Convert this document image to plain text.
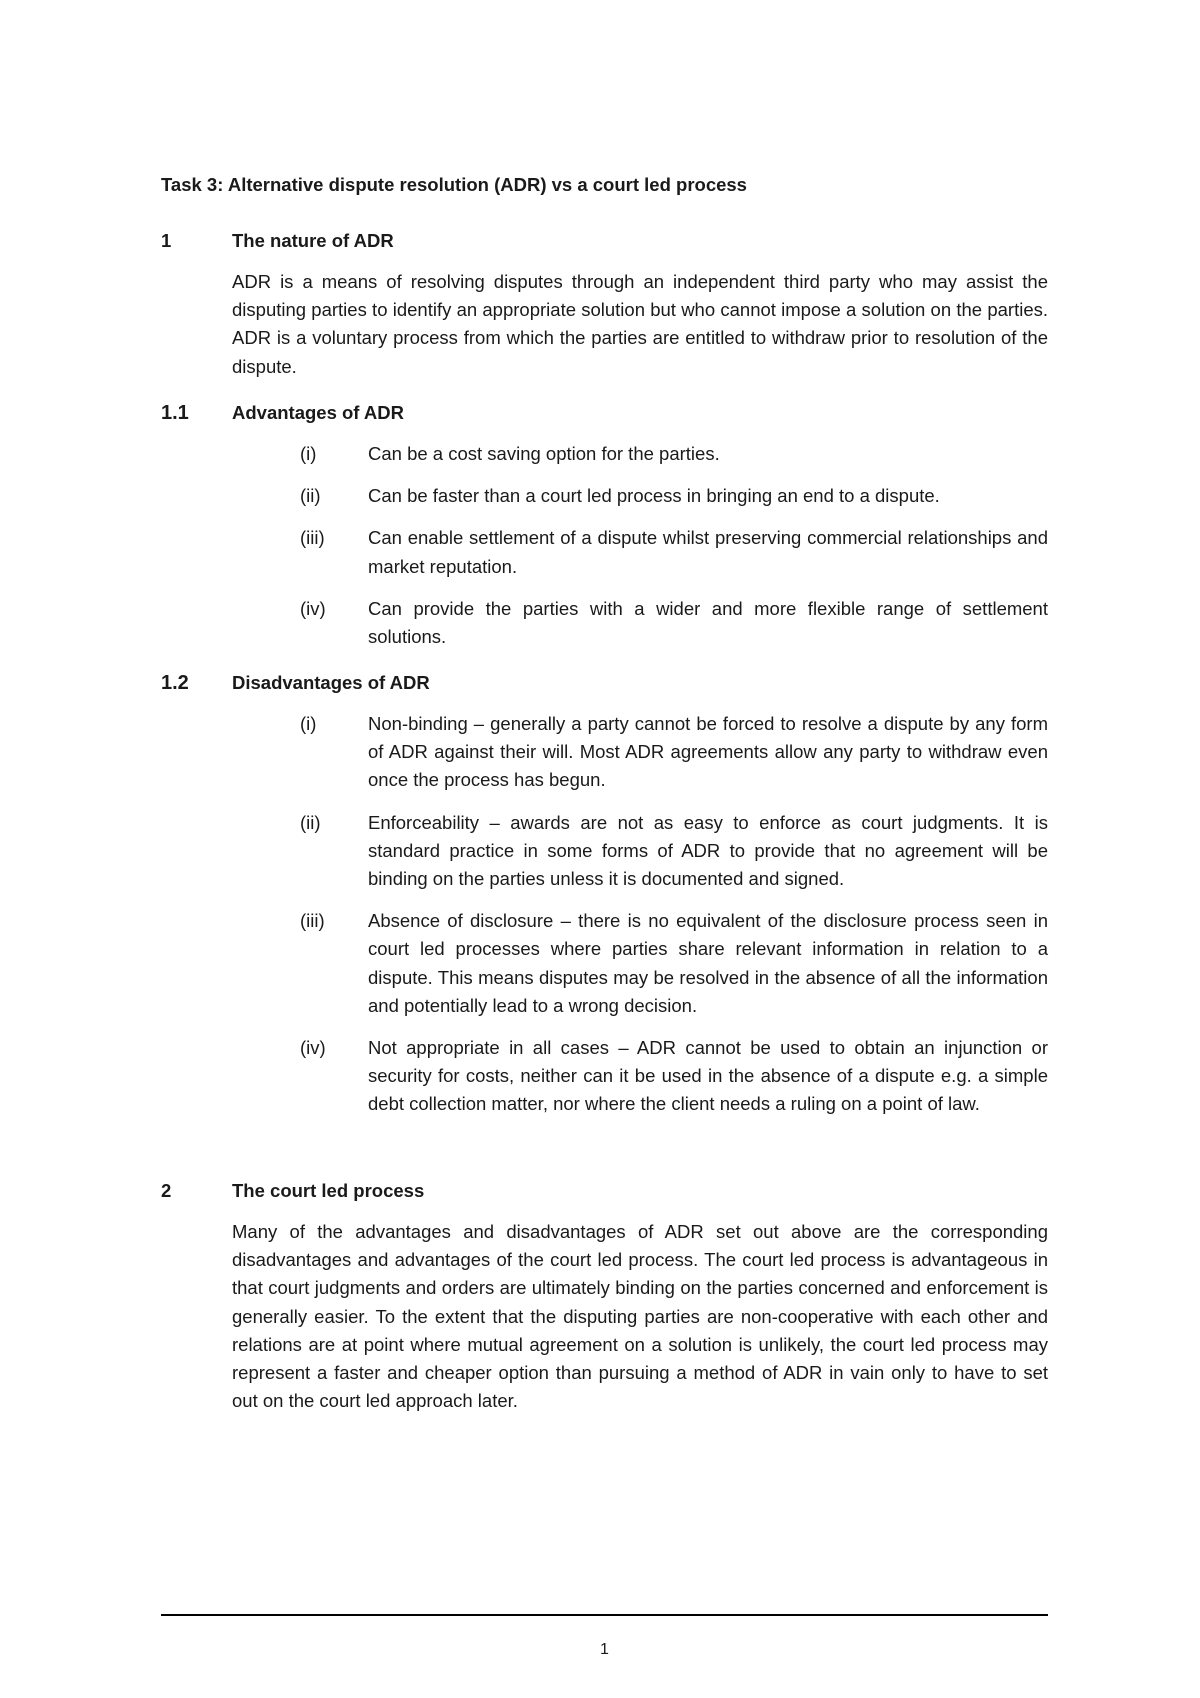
Task 3: Alternative dispute resolution (ADR) vs a court led process
1	The nature of ADR
ADR is a means of resolving disputes through an independent third party who may assist the disputing parties to identify an appropriate solution but who cannot impose a solution on the parties. ADR is a voluntary process from which the parties are entitled to withdraw prior to resolution of the dispute.
1.1 Advantages of ADR
(i)	Can be a cost saving option for the parties.
(ii)	Can be faster than a court led process in bringing an end to a dispute.
(iii) Can enable settlement of a dispute whilst preserving commercial relationships and market reputation.
(iv) Can provide the parties with a wider and more flexible range of settlement solutions.
1.2 Disadvantages of ADR
(i)	Non-binding – generally a party cannot be forced to resolve a dispute by any form of ADR against their will. Most ADR agreements allow any party to withdraw even once the process has begun.
(ii)	Enforceability – awards are not as easy to enforce as court judgments. It is standard practice in some forms of ADR to provide that no agreement will be binding on the parties unless it is documented and signed.
(iii) Absence of disclosure – there is no equivalent of the disclosure process seen in court led processes where parties share relevant information in relation to a dispute. This means disputes may be resolved in the absence of all the information and potentially lead to a wrong decision.
(iv) Not appropriate in all cases – ADR cannot be used to obtain an injunction or security for costs, neither can it be used in the absence of a dispute e.g. a simple debt collection matter, nor where the client needs a ruling on a point of law.
2	The court led process
Many of the advantages and disadvantages of ADR set out above are the corresponding disadvantages and advantages of the court led process. The court led process is advantageous in that court judgments and orders are ultimately binding on the parties concerned and enforcement is generally easier. To the extent that the disputing parties are non-cooperative with each other and relations are at point where mutual agreement on a solution is unlikely, the court led process may represent a faster and cheaper option than pursuing a method of ADR in vain only to have to set out on the court led approach later.
1
